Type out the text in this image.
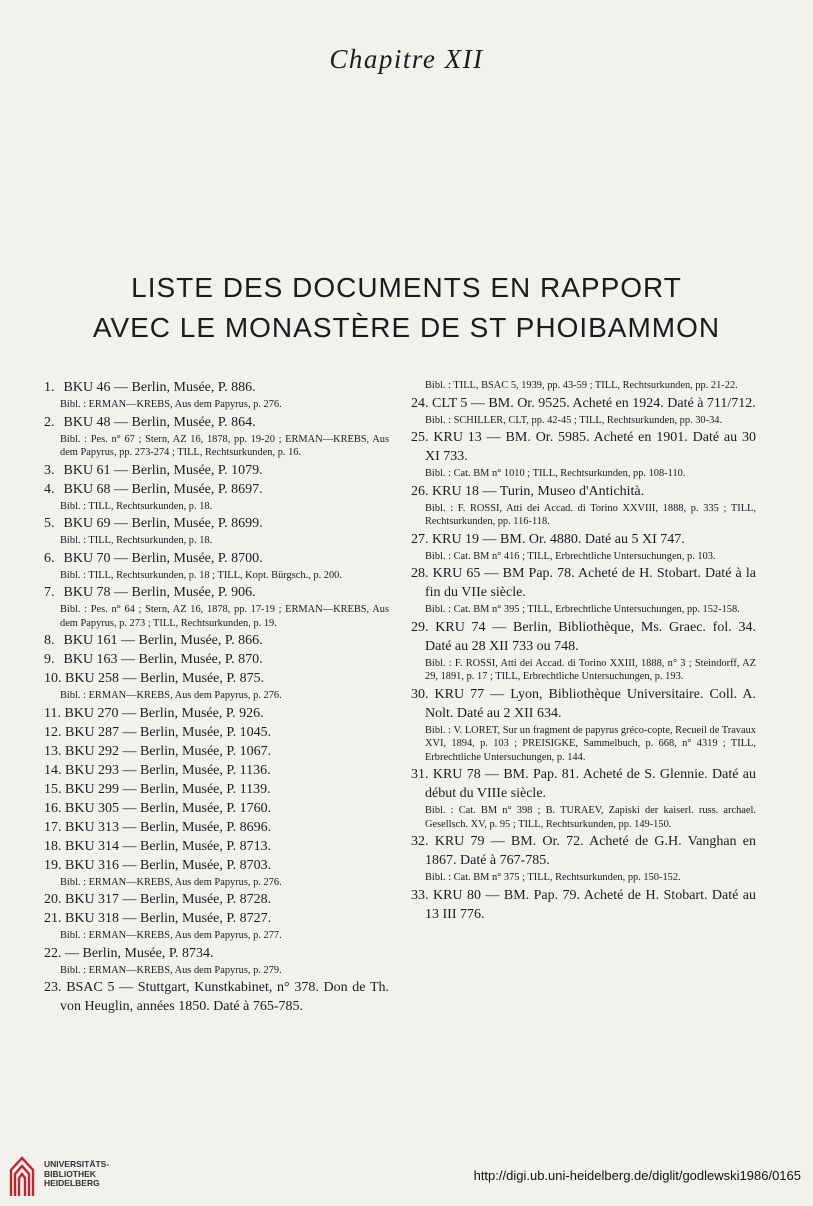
Chapitre XII
LISTE DES DOCUMENTS EN RAPPORT
AVEC LE MONASTÈRE DE ST PHOIBAMMON

1. BKU 46 — Berlin, Musée, P. 886.

Bibl. : ERMAN—KREBS, Aus dem Papyrus, p. 276.

2. BKU 48 — Berlin, Musée, P. 864.

Bibl. : Pes. n° 67 ; Stern, AZ 16, 1878, pp. 19-20 ; ERMAN—KREBS, Aus dem Papyrus, pp. 273-274 ; TILL, Rechtsurkunden, p. 16.

3. BKU 61 — Berlin, Musée, P. 1079.

4. BKU 68 — Berlin, Musée, P. 8697.

Bibl. : TILL, Rechtsurkunden, p. 18.

5. BKU 69 — Berlin, Musée, P. 8699.

Bibl. : TILL, Rechtsurkunden, p. 18.

6. BKU 70 — Berlin, Musée, P. 8700.

Bibl. : TILL, Rechtsurkunden, p. 18 ; TILL, Kopt. Bürgsch., p. 200.

7. BKU 78 — Berlin, Musée, P. 906.

Bibl. : Pes. n° 64 ; Stern, AZ 16, 1878, pp. 17-19 ; ERMAN—KREBS, Aus dem Papyrus, p. 273 ; TILL, Rechtsurkunden, p. 19.

8. BKU 161 — Berlin, Musée, P. 866.

9. BKU 163 — Berlin, Musée, P. 870.

10. BKU 258 — Berlin, Musée, P. 875.

Bibl. : ERMAN—KREBS, Aus dem Papyrus, p. 276.

11. BKU 270 — Berlin, Musée, P. 926.

12. BKU 287 — Berlin, Musée, P. 1045.

13. BKU 292 — Berlin, Musée, P. 1067.

14. BKU 293 — Berlin, Musée, P. 1136.

15. BKU 299 — Berlin, Musée, P. 1139.

16. BKU 305 — Berlin, Musée, P. 1760.

17. BKU 313 — Berlin, Musée, P. 8696.

18. BKU 314 — Berlin, Musée, P. 8713.

19. BKU 316 — Berlin, Musée, P. 8703.

Bibl. : ERMAN—KREBS, Aus dem Papyrus, p. 276.

20. BKU 317 — Berlin, Musée, P. 8728.

21. BKU 318 — Berlin, Musée, P. 8727.

Bibl. : ERMAN—KREBS, Aus dem Papyrus, p. 277.

22. — Berlin, Musée, P. 8734.

Bibl. : ERMAN—KREBS, Aus dem Papyrus, p. 279.

23. BSAC 5 — Stuttgart, Kunstkabinet, n° 378. Don de Th. von Heuglin, années 1850. Daté à 765-785.

Bibl. : TILL, BSAC 5, 1939, pp. 43-59 ; TILL, Rechtsurkunden, pp. 21-22.

24. CLT 5 — BM. Or. 9525. Acheté en 1924. Daté à 711/712.

Bibl. : SCHILLER, CLT, pp. 42-45 ; TILL, Rechtsurkunden, pp. 30-34.

25. KRU 13 — BM. Or. 5985. Acheté en 1901. Daté au 30 XI 733.

Bibl. : Cat. BM n° 1010 ; TILL, Rechtsurkunden, pp. 108-110.

26. KRU 18 — Turin, Museo d'Antichità.

Bibl. : F. ROSSI, Atti dei Accad. di Torino XXVIII, 1888, p. 335 ; TILL, Rechtsurkunden, pp. 116-118.

27. KRU 19 — BM. Or. 4880. Daté au 5 XI 747.

Bibl. : Cat. BM n° 416 ; TILL, Erbrechtliche Untersuchungen, p. 103.

28. KRU 65 — BM Pap. 78. Acheté de H. Stobart. Daté à la fin du VIIe siècle.

Bibl. : Cat. BM n° 395 ; TILL, Erbrechtliche Untersuchungen, pp. 152-158.

29. KRU 74 — Berlin, Bibliothèque, Ms. Graec. fol. 34. Daté au 28 XII 733 ou 748.

Bibl. : F. ROSSI, Atti dei Accad. di Torino XXIII, 1888, n° 3 ; Steindorff, AZ 29, 1891, p. 17 ; TILL, Erbrechtliche Untersuchungen, p. 193.

30. KRU 77 — Lyon, Bibliothèque Universitaire. Coll. A. Nolt. Daté au 2 XII 634.

Bibl. : V. LORET, Sur un fragment de papyrus gréco-copte, Recueil de Travaux XVI, 1894, p. 103 ; PREISIGKE, Sammelbuch, p. 668, n° 4319 ; TILL, Erbrechtliche Untersuchungen, p. 144.

31. KRU 78 — BM. Pap. 81. Acheté de S. Glennie. Daté au début du VIIIe siècle.

Bibl. : Cat. BM n° 398 ; B. TURAEV, Zapiski der kaiserl. russ. archael. Gesellsch. XV, p. 95 ; TILL, Rechtsurkunden, pp. 149-150.

32. KRU 79 — BM. Or. 72. Acheté de G.H. Vanghan en 1867. Daté à 767-785.

Bibl. : Cat. BM n° 375 ; TILL, Rechtsurkunden, pp. 150-152.

33. KRU 80 — BM. Pap. 79. Acheté de H. Stobart. Daté au 13 III 776.

UNIVERSITÄTS-
BIBLIOTHEK
HEIDELBERG	http://digi.ub.uni-heidelberg.de/diglit/godlewski1986/0165
